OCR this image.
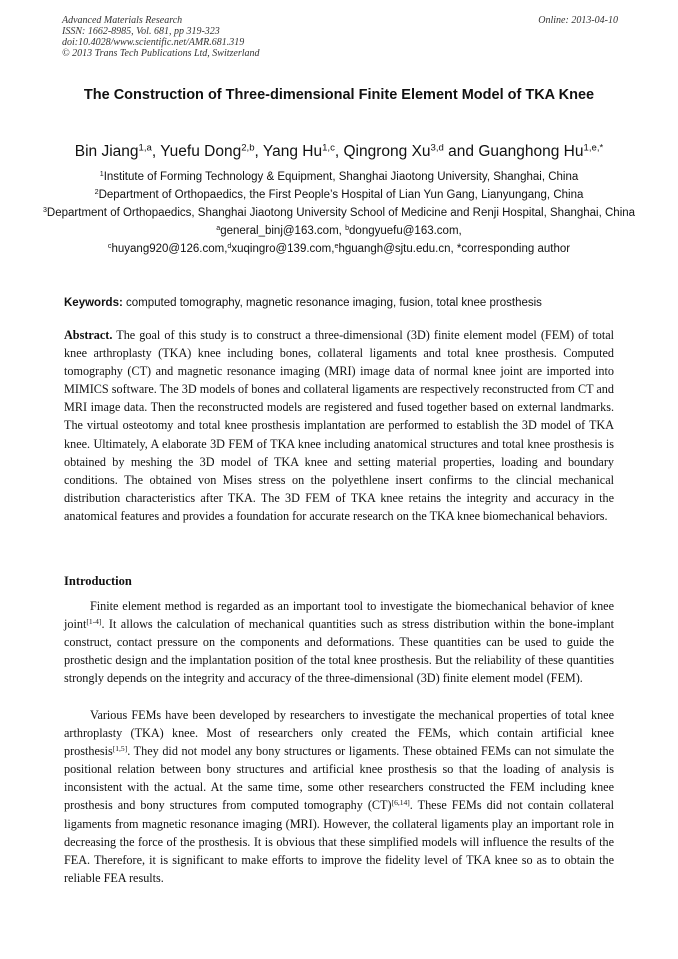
Advanced Materials Research
ISSN: 1662-8985, Vol. 681, pp 319-323
doi:10.4028/www.scientific.net/AMR.681.319
© 2013 Trans Tech Publications Ltd, Switzerland
Online: 2013-04-10
The Construction of Three-dimensional Finite Element Model of TKA Knee
Bin Jiang$^{1,a}$, Yuefu Dong$^{2,b}$, Yang Hu$^{1,c}$, Qingrong Xu$^{3,d}$ and Guanghong $Hu^{1,e,*}$
$^1$Institute of Forming Technology & Equipment, Shanghai Jiaotong University, Shanghai, China
$^2$Department of Orthopaedics, the First People’s Hospital of Lian Yun Gang, Lianyungang, China
$^3$Department of Orthopaedics, Shanghai Jiaotong University School of Medicine and Renji Hospital, Shanghai, China
$^a$general_binj@163.com, $^b$dongyuefu@163.com,
$^c$huyang920@126.com,$^d$xuqingro@139.com,$^e$hguangh@sjtu.edu.cn, *corresponding author
Keywords: computed tomography, magnetic resonance imaging, fusion, total knee prosthesis
Abstract. The goal of this study is to construct a three-dimensional (3D) finite element model (FEM) of total knee arthroplasty (TKA) knee including bones, collateral ligaments and total knee prosthesis. Computed tomography (CT) and magnetic resonance imaging (MRI) image data of normal knee joint are imported into MIMICS software. The 3D models of bones and collateral ligaments are respectively reconstructed from CT and MRI image data. Then the reconstructed models are registered and fused together based on external landmarks. The virtual osteotomy and total knee prosthesis implantation are performed to establish the 3D model of TKA knee. Ultimately, A elaborate 3D FEM of TKA knee including anatomical structures and total knee prosthesis is obtained by meshing the 3D model of TKA knee and setting material properties, loading and boundary conditions. The obtained von Mises stress on the polyethlene insert confirms to the clincial mechanical distribution characteristics after TKA. The 3D FEM of TKA knee retains the integrity and accuracy in the anatomical features and provides a foundation for accurate research on the TKA knee biomechanical behaviors.
Introduction
Finite element method is regarded as an important tool to investigate the biomechanical behavior of knee joint[1-4]. It allows the calculation of mechanical quantities such as stress distribution within the bone-implant construct, contact pressure on the components and deformations. These quantities can be used to guide the prosthetic design and the implantation position of the total knee prosthesis. But the reliability of these quantities strongly depends on the integrity and accuracy of the three-dimensional (3D) finite element model (FEM).
Various FEMs have been developed by researchers to investigate the mechanical properties of total knee arthroplasty (TKA) knee. Most of researchers only created the FEMs, which contain artificial knee prosthesis[1,5]. They did not model any bony structures or ligaments. These obtained FEMs can not simulate the positional relation between bony structures and artificial knee prosthesis so that the loading of analysis is inconsistent with the actual. At the same time, some other researchers constructed the FEM including knee prosthesis and bony structures from computed tomography (CT)[6,14]. These FEMs did not contain collateral ligaments from magnetic resonance imaging (MRI). However, the collateral ligaments play an important role in decreasing the force of the prosthesis. It is obvious that these simplified models will influence the results of the FEA. Therefore, it is significant to make efforts to improve the fidelity level of TKA knee so as to obtain the reliable FEA results.
